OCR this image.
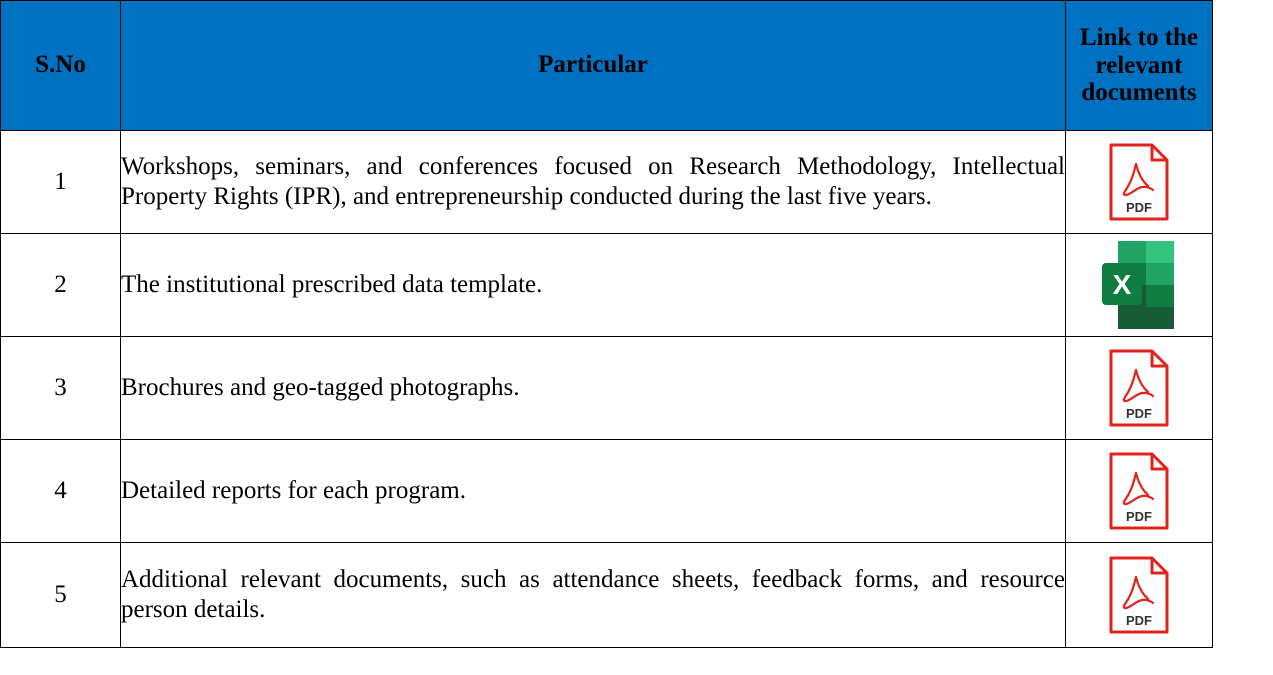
S.No	Particular	Link to the
relevant
documents
1	Workshops, seminars, and conferences focused on Research Methodology, Intellectual Property Rights (IPR), and entrepreneurship conducted during the last five years.	PDF

2	The institutional prescribed data template.	X

3	Brochures and geo-tagged photographs.	PDF

4	Detailed reports for each program.	PDF

5	Additional relevant documents, such as attendance sheets, feedback forms, and resource person details.	PDF
